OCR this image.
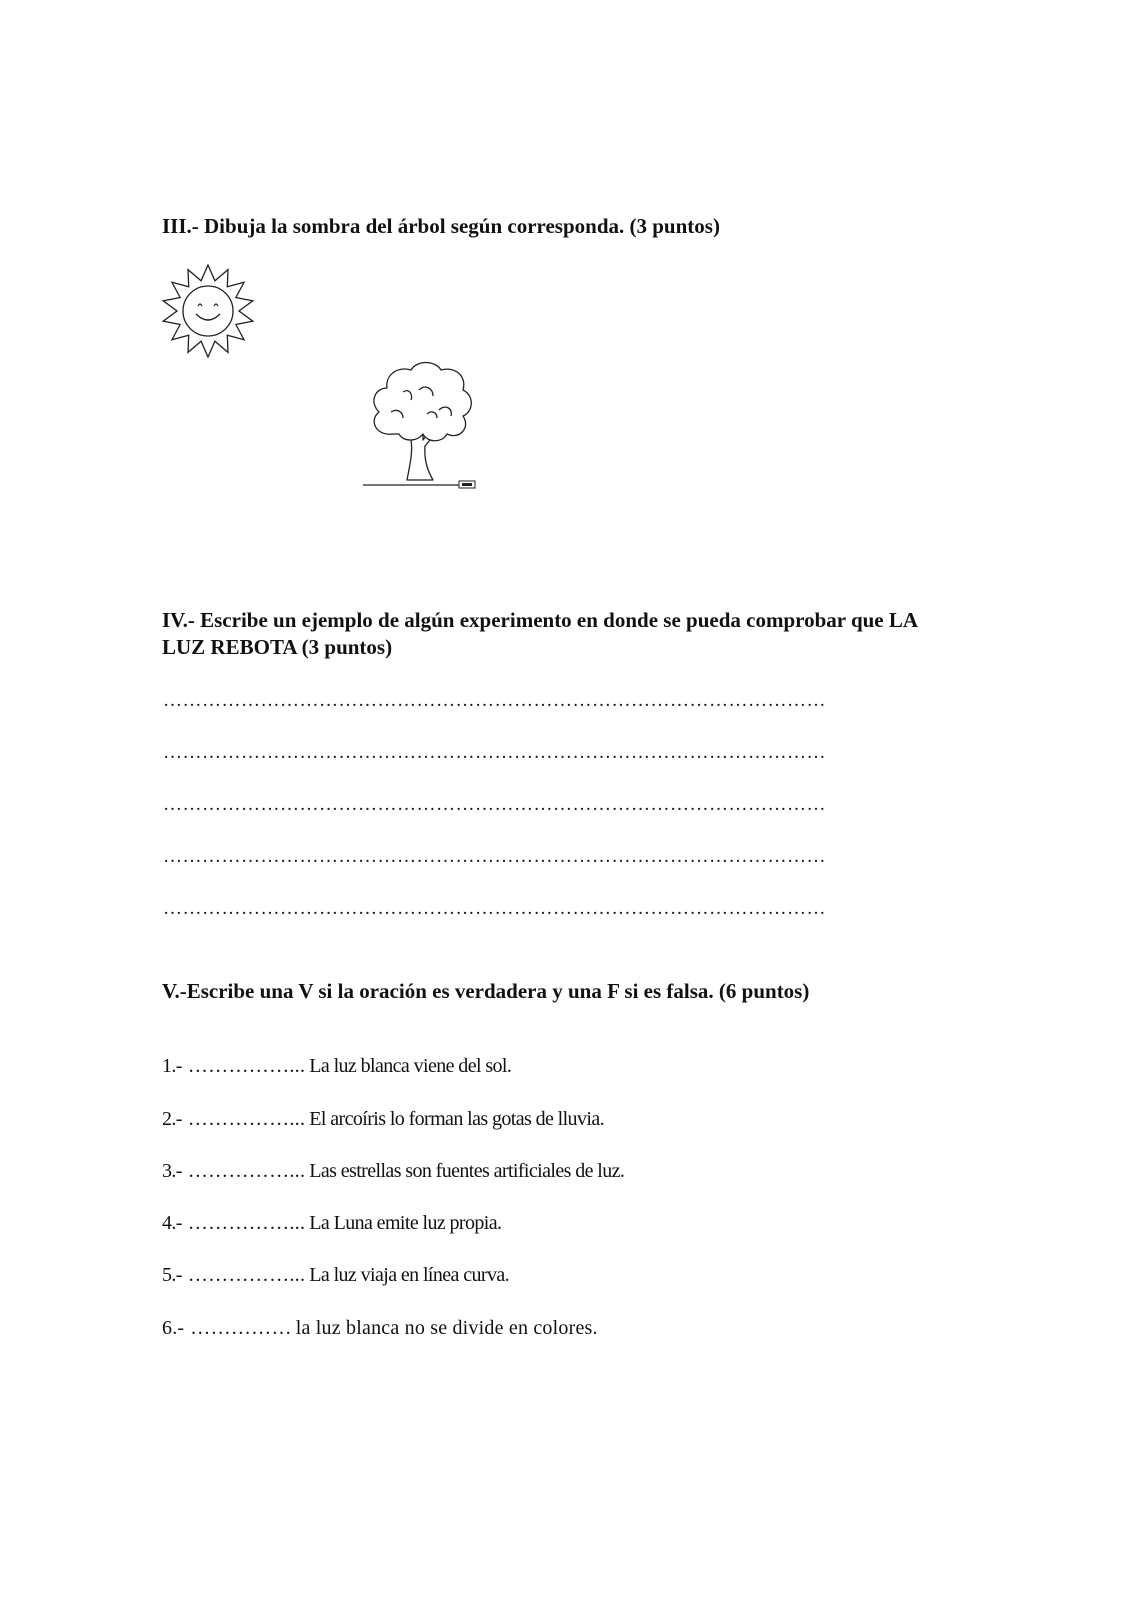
III.- Dibuja la sombra del árbol según corresponda. (3 puntos)
IV.- Escribe un ejemplo de algún experimento en donde se pueda comprobar que LA LUZ REBOTA (3 puntos)
…………………………………………………………………………………………
…………………………………………………………………………………………
…………………………………………………………………………………………
…………………………………………………………………………………………
…………………………………………………………………………………………
V.-Escribe una V si la oración es verdadera y una F si es falsa. (6 puntos)
1.- ……………... La luz blanca viene del sol.
2.- ……………... El arcoíris lo forman las gotas de lluvia.
3.- ……………... Las estrellas son fuentes artificiales de luz.
4.- ……………... La Luna emite luz propia.
5.- ……………... La luz viaja en línea curva.
6.- …………… la luz blanca no se divide en colores.
